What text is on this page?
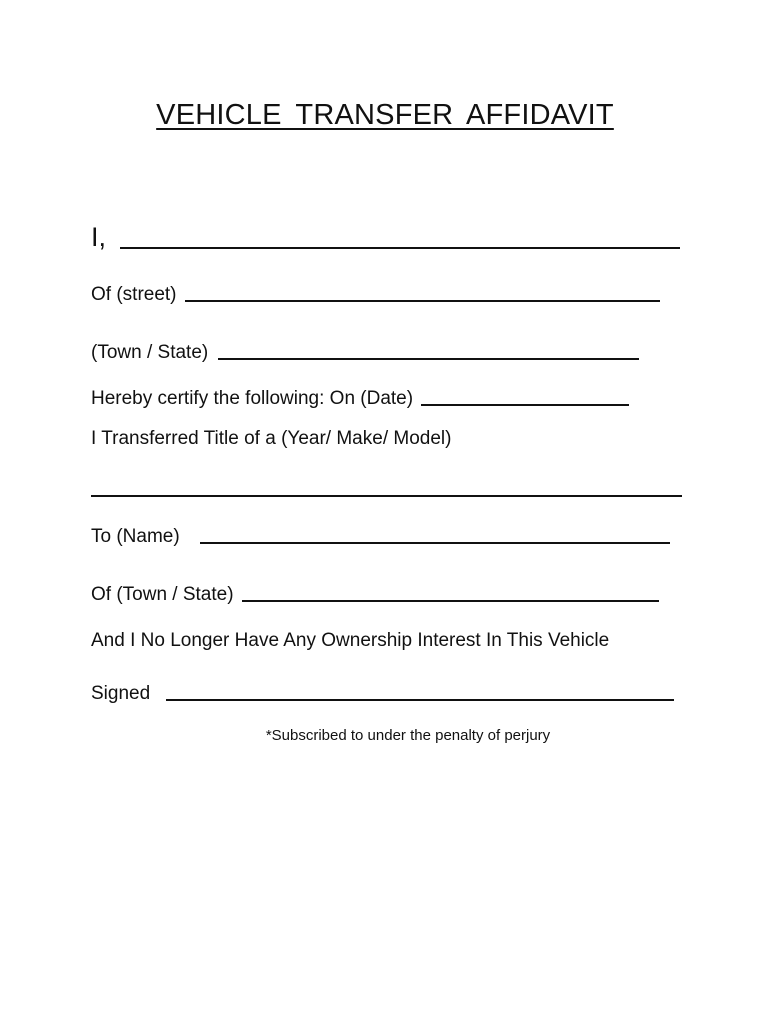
VEHICLE TRANSFER AFFIDAVIT
I,
Of (street)
(Town / State)
Hereby certify the following: On (Date)
I Transferred Title of a (Year/ Make/ Model)
To (Name)
Of (Town / State)
And I No Longer Have Any Ownership Interest In This Vehicle
Signed
*Subscribed to under the penalty of perjury
